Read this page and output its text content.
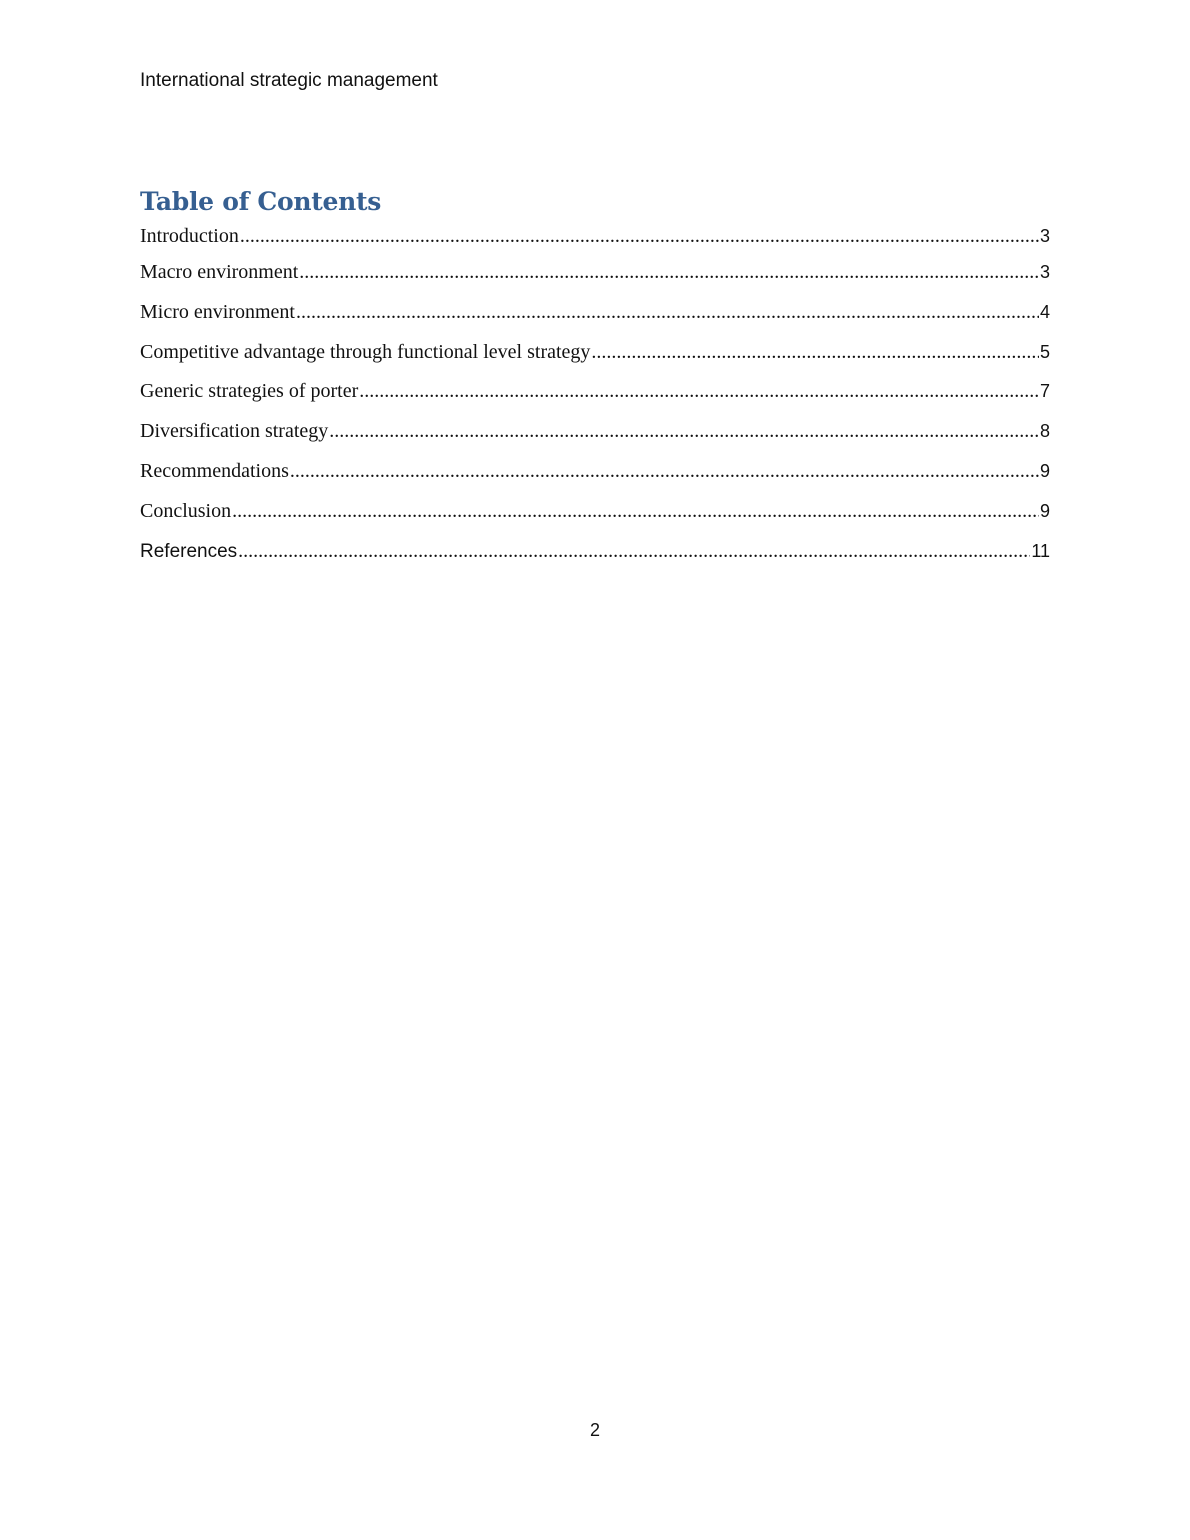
International strategic management
Table of Contents
Introduction .....	3
Macro environment .....	3
Micro environment .....	4
Competitive advantage through functional level strategy .....	5
Generic strategies of porter .....	7
Diversification strategy .....	8
Recommendations .....	9
Conclusion .....	9
References .....	11
2
